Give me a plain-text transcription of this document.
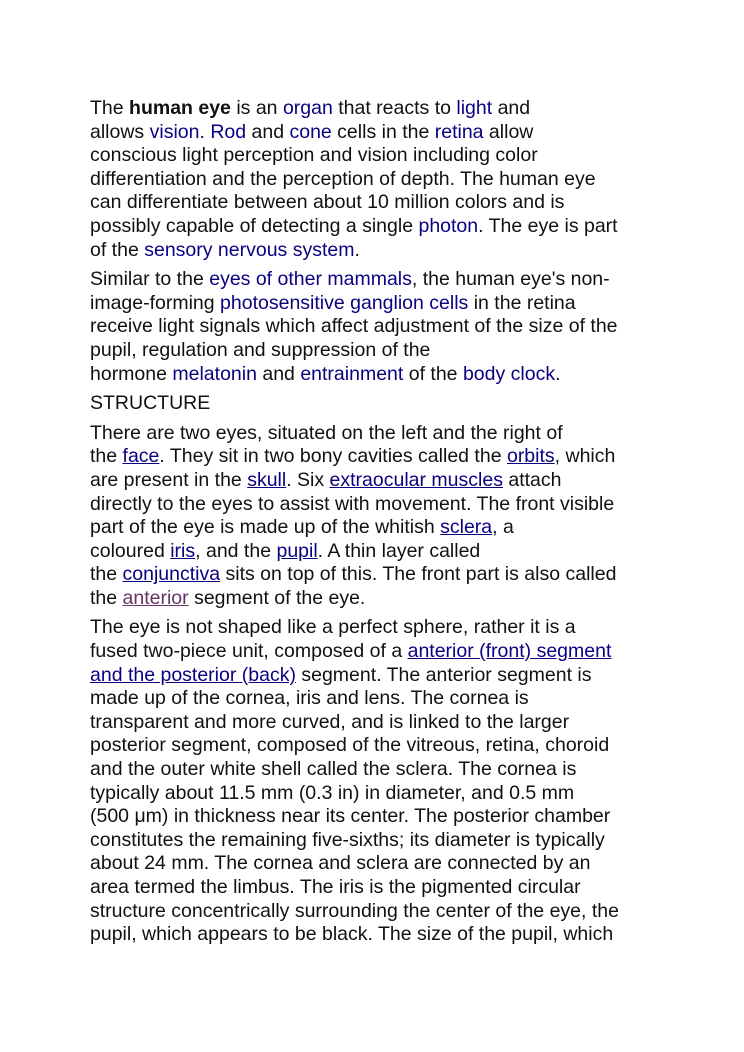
The human eye is an organ that reacts to light and
allows vision. Rod and cone cells in the retina allow
conscious light perception and vision including color
differentiation and the perception of depth. The human eye
can differentiate between about 10 million colors and is
possibly capable of detecting a single photon. The eye is part
of the sensory nervous system.

Similar to the eyes of other mammals, the human eye's non-
image-forming photosensitive ganglion cells in the retina
receive light signals which affect adjustment of the size of the
pupil, regulation and suppression of the
hormone melatonin and entrainment of the body clock.

STRUCTURE

There are two eyes, situated on the left and the right of
the face. They sit in two bony cavities called the orbits, which
are present in the skull. Six extraocular muscles attach
directly to the eyes to assist with movement. The front visible
part of the eye is made up of the whitish sclera, a
coloured iris, and the pupil. A thin layer called
the conjunctiva sits on top of this. The front part is also called
the anterior segment of the eye.

The eye is not shaped like a perfect sphere, rather it is a
fused two-piece unit, composed of a anterior (front) segment
and the posterior (back) segment. The anterior segment is
made up of the cornea, iris and lens. The cornea is
transparent and more curved, and is linked to the larger
posterior segment, composed of the vitreous, retina, choroid
and the outer white shell called the sclera. The cornea is
typically about 11.5 mm (0.3 in) in diameter, and 0.5 mm
(500 μm) in thickness near its center. The posterior chamber
constitutes the remaining five-sixths; its diameter is typically
about 24 mm. The cornea and sclera are connected by an
area termed the limbus. The iris is the pigmented circular
structure concentrically surrounding the center of the eye, the
pupil, which appears to be black. The size of the pupil, which
